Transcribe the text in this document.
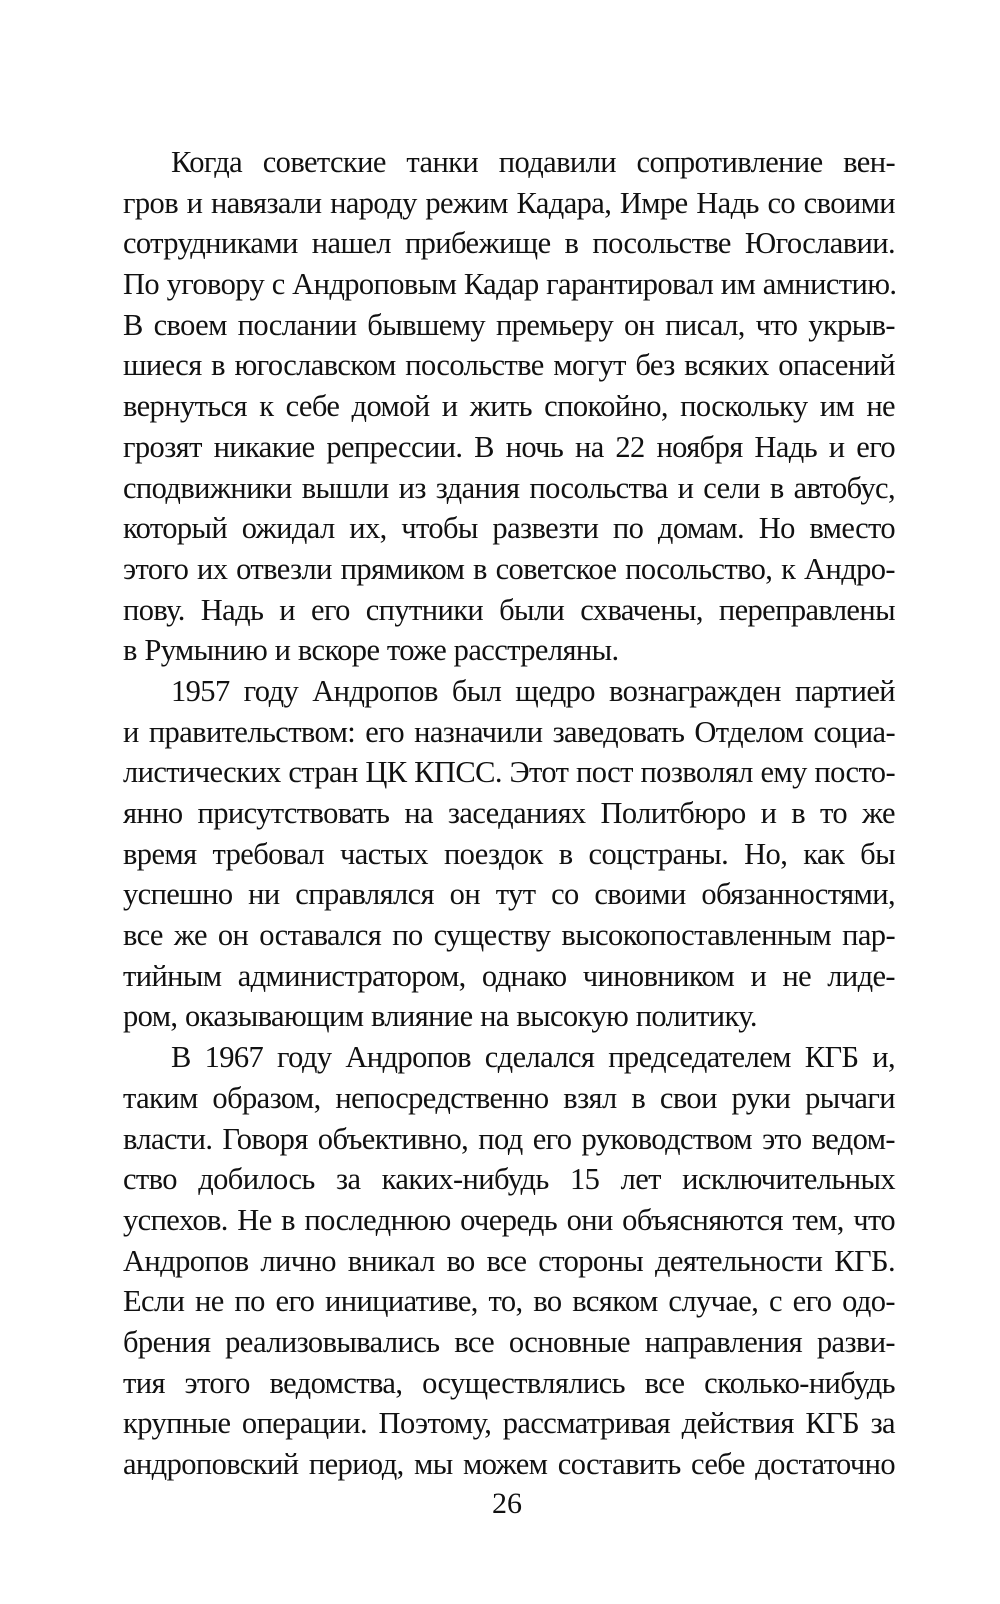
Когда советские танки подавили сопротивление вен-
гров и навязали народу режим Кадара, Имре Надь со своими
сотрудниками нашел прибежище в посольстве Югославии.
По уговору с Андроповым Кадар гарантировал им амнистию.
В своем послании бывшему премьеру он писал, что укрыв-
шиеся в югославском посольстве могут без всяких опасений
вернуться к себе домой и жить спокойно, поскольку им не
грозят никакие репрессии. В ночь на 22 ноября Надь и его
сподвижники вышли из здания посольства и сели в автобус,
который ожидал их, чтобы развезти по домам. Но вместо
этого их отвезли прямиком в советское посольство, к Андро-
пову. Надь и его спутники были схвачены, переправлены
в Румынию и вскоре тоже расстреляны.
1957 году Андропов был щедро вознагражден партией
и правительством: его назначили заведовать Отделом социа-
листических стран ЦК КПСС. Этот пост позволял ему посто-
янно присутствовать на заседаниях Политбюро и в то же
время требовал частых поездок в соцстраны. Но, как бы
успешно ни справлялся он тут со своими обязанностями,
все же он оставался по существу высокопоставленным пар-
тийным администратором, однако чиновником и не лиде-
ром, оказывающим влияние на высокую политику.
В 1967 году Андропов сделался председателем КГБ и,
таким образом, непосредственно взял в свои руки рычаги
власти. Говоря объективно, под его руководством это ведом-
ство добилось за каких-нибудь 15 лет исключительных
успехов. Не в последнюю очередь они объясняются тем, что
Андропов лично вникал во все стороны деятельности КГБ.
Если не по его инициативе, то, во всяком случае, с его одо-
брения реализовывались все основные направления разви-
тия этого ведомства, осуществлялись все сколько-нибудь
крупные операции. Поэтому, рассматривая действия КГБ за
андроповский период, мы можем составить себе достаточно
26
